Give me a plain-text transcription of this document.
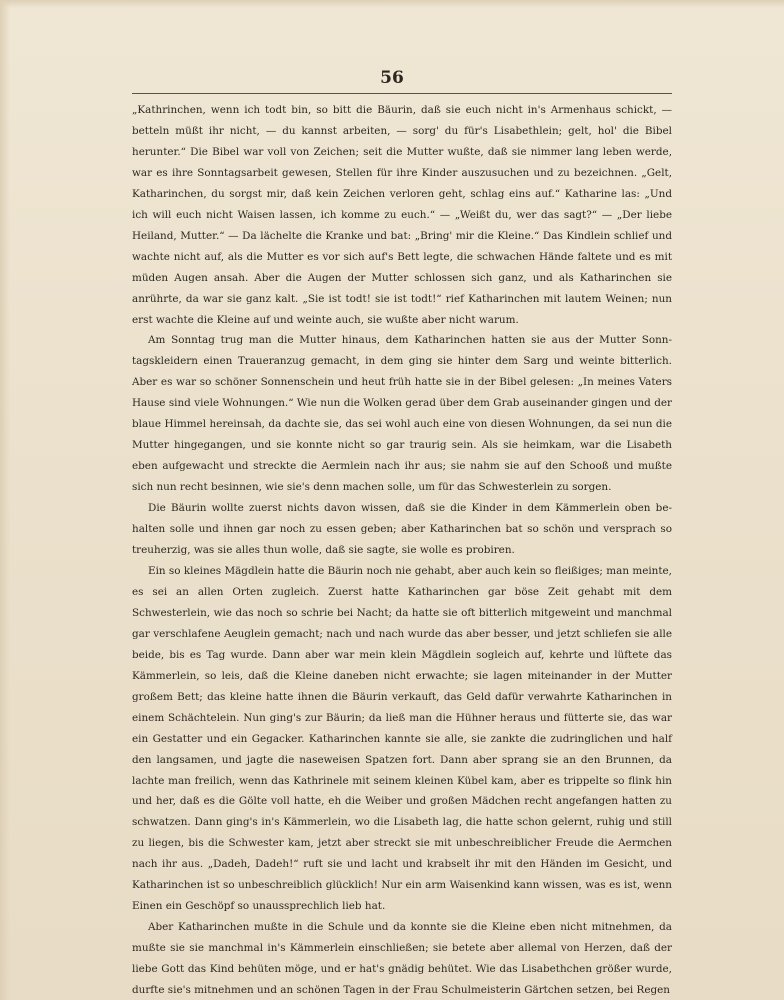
56

„Kathrinchen, wenn ich todt bin, so bitt die Bäurin, daß sie euch nicht in's Armenhaus schickt, — betteln müßt ihr nicht, — du kannst arbeiten, — sorg' du für's Lisabethlein; gelt, hol' die Bibel herunter.“ Die Bibel war voll von Zeichen; seit die Mutter wußte, daß sie nimmer lang leben werde, war es ihre Sonntagsarbeit gewesen, Stellen für ihre Kinder auszusuchen und zu bezeichnen. „Gelt, Katharinchen, du sorgst mir, daß kein Zeichen verloren geht, schlag eins auf.“ Katharine las: „Und ich will euch nicht Waisen lassen, ich komme zu euch.“ — „Weißt du, wer das sagt?“ — „Der liebe Heiland, Mutter.“ — Da lächelte die Kranke und bat: „Bring' mir die Kleine.“ Das Kindlein schlief und wachte nicht auf, als die Mutter es vor sich auf's Bett legte, die schwachen Hände faltete und es mit müden Augen ansah. Aber die Augen der Mutter schlossen sich ganz, und als Katharinchen sie anrührte, da war sie ganz kalt. „Sie ist todt! sie ist todt!“ rief Katharinchen mit lautem Weinen; nun erst wachte die Kleine auf und weinte auch, sie wußte aber nicht warum.

Am Sonntag trug man die Mutter hinaus, dem Katharinchen hatten sie aus der Mutter Sonn-tagskleidern einen Traueranzug gemacht, in dem ging sie hinter dem Sarg und weinte bitterlich. Aber es war so schöner Sonnenschein und heut früh hatte sie in der Bibel gelesen: „In meines Vaters Hause sind viele Wohnungen.“ Wie nun die Wolken gerad über dem Grab auseinander gingen und der blaue Himmel hereinsah, da dachte sie, das sei wohl auch eine von diesen Wohnungen, da sei nun die Mutter hingegangen, und sie konnte nicht so gar traurig sein. Als sie heimkam, war die Lisabeth eben aufgewacht und streckte die Aermlein nach ihr aus; sie nahm sie auf den Schooß und mußte sich nun recht besinnen, wie sie's denn machen solle, um für das Schwesterlein zu sorgen.

Die Bäurin wollte zuerst nichts davon wissen, daß sie die Kinder in dem Kämmerlein oben be-halten solle und ihnen gar noch zu essen geben; aber Katharinchen bat so schön und versprach so treuherzig, was sie alles thun wolle, daß sie sagte, sie wolle es probiren.

Ein so kleines Mägdlein hatte die Bäurin noch nie gehabt, aber auch kein so fleißiges; man meinte, es sei an allen Orten zugleich. Zuerst hatte Katharinchen gar böse Zeit gehabt mit dem Schwesterlein, wie das noch so schrie bei Nacht; da hatte sie oft bitterlich mitgeweint und manchmal gar verschlafene Aeuglein gemacht; nach und nach wurde das aber besser, und jetzt schliefen sie alle beide, bis es Tag wurde. Dann aber war mein klein Mägdlein sogleich auf, kehrte und lüftete das Kämmerlein, so leis, daß die Kleine daneben nicht erwachte; sie lagen miteinander in der Mutter großem Bett; das kleine hatte ihnen die Bäurin verkauft, das Geld dafür verwahrte Katharinchen in einem Schächtelein. Nun ging's zur Bäurin; da ließ man die Hühner heraus und fütterte sie, das war ein Gestatter und ein Gegacker. Katharinchen kannte sie alle, sie zankte die zudringlichen und half den langsamen, und jagte die naseweisen Spatzen fort. Dann aber sprang sie an den Brunnen, da lachte man freilich, wenn das Kathrinele mit seinem kleinen Kübel kam, aber es trippelte so flink hin und her, daß es die Gölte voll hatte, eh die Weiber und großen Mädchen recht angefangen hatten zu schwatzen. Dann ging's in's Kämmerlein, wo die Lisabeth lag, die hatte schon gelernt, ruhig und still zu liegen, bis die Schwester kam, jetzt aber streckt sie mit unbeschreiblicher Freude die Aermchen nach ihr aus. „Dadeh, Dadeh!“ ruft sie und lacht und krabselt ihr mit den Händen im Gesicht, und Katharinchen ist so unbeschreiblich glücklich! Nur ein arm Waisenkind kann wissen, was es ist, wenn Einen ein Geschöpf so unaussprechlich lieb hat.

Aber Katharinchen mußte in die Schule und da konnte sie die Kleine eben nicht mitnehmen, da mußte sie sie manchmal in's Kämmerlein einschließen; sie betete aber allemal von Herzen, daß der liebe Gott das Kind behüten möge, und er hat's gnädig behütet. Wie das Lisabethchen größer wurde, durfte sie's mitnehmen und an schönen Tagen in der Frau Schulmeisterin Gärtchen setzen, bei Regen
